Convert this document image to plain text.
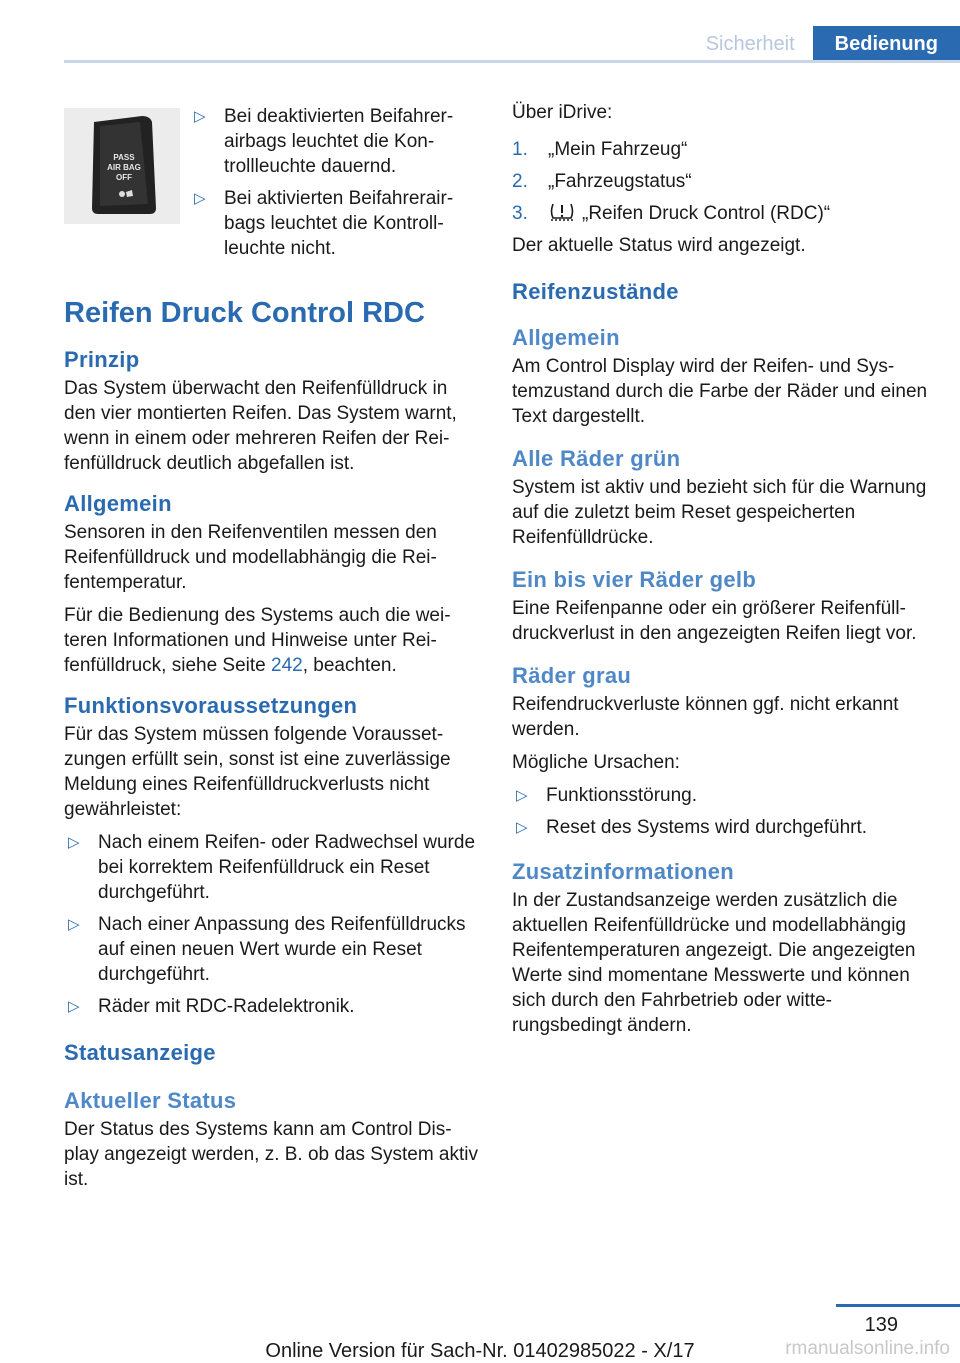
Sicherheit	Bedienung
PASS
AIR BAG
OFF
▷ Bei deaktivierten Beifahrerairbags leuchtet die Kontrollleuchte dauernd.
▷ Bei aktivierten Beifahrerairbags leuchtet die Kontrollleuchte nicht.
Reifen Druck Control RDC
Prinzip

Das System überwacht den Reifenfülldruck in den vier montierten Reifen. Das System warnt, wenn in einem oder mehreren Reifen der Reifenfülldruck deutlich abgefallen ist.

Allgemein

Sensoren in den Reifenventilen messen den Reifenfülldruck und modellabhängig die Reifentemperatur.

Für die Bedienung des Systems auch die weiteren Informationen und Hinweise unter Reifenfülldruck, siehe Seite 242, beachten.

Funktionsvoraussetzungen

Für das System müssen folgende Voraussetzungen erfüllt sein, sonst ist eine zuverlässige Meldung eines Reifenfülldruckverlusts nicht gewährleistet:

▷ Nach einem Reifen- oder Radwechsel wurde bei korrektem Reifenfülldruck ein Reset durchgeführt.
▷ Nach einer Anpassung des Reifenfülldrucks auf einen neuen Wert wurde ein Reset durchgeführt.
▷ Räder mit RDC-Radelektronik.
Statusanzeige
Aktueller Status

Der Status des Systems kann am Control Display angezeigt werden, z. B. ob das System aktiv ist.

Über iDrive:

1. „Mein Fahrzeug“
2. „Fahrzeugstatus“
3.	„Reifen Druck Control (RDC)“

Der aktuelle Status wird angezeigt.

Reifenzustände
Allgemein

Am Control Display wird der Reifen- und Systemzustand durch die Farbe der Räder und einen Text dargestellt.

Alle Räder grün

System ist aktiv und bezieht sich für die Warnung auf die zuletzt beim Reset gespeicherten Reifenfülldrücke.

Ein bis vier Räder gelb

Eine Reifenpanne oder ein größerer Reifenfülldruckverlust in den angezeigten Reifen liegt vor.

Räder grau

Reifendruckverluste können ggf. nicht erkannt werden.

Mögliche Ursachen:

▷ Funktionsstörung.
▷ Reset des Systems wird durchgeführt.
Zusatzinformationen

In der Zustandsanzeige werden zusätzlich die aktuellen Reifenfülldrücke und modellabhängig Reifentemperaturen angezeigt. Die angezeigten Werte sind momentane Messwerte und können sich durch den Fahrbetrieb oder witterungsbedingt ändern.

139
Online Version für Sach-Nr. 01402985022 - X/17	rmanualsonline.info
